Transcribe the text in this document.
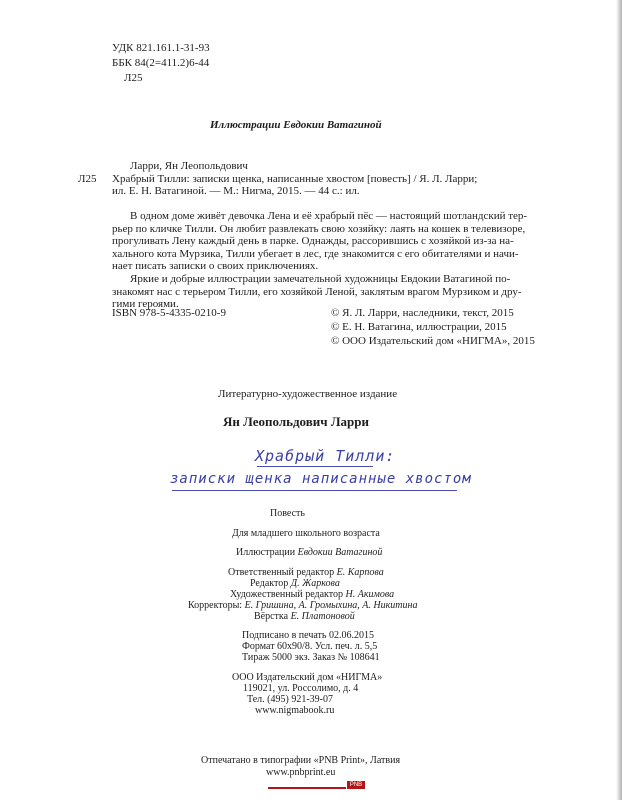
УДК 821.161.1-31-93
ББК 84(2=411.2)6-44
Л25
Иллюстрации Евдокии Ватагиной
Л25

Ларри, Ян Леопольдович

Храбрый Тилли: записки щенка, написанные хвостом [повесть] / Я. Л. Ларри;

ил. Е. Н. Ватагиной. — М.: Нигма, 2015. — 44 с.: ил.

В одном доме живёт девочка Лена и её храбрый пёс — настоящий шотландский тер-
рьер по кличке Тилли. Он любит развлекать свою хозяйку: лаять на кошек в телевизоре,
прогуливать Лену каждый день в парке. Однажды, рассорившись с хозяйкой из-за на-
хального кота Мурзика, Тилли убегает в лес, где знакомится с его обитателями и начи-
нает писать записки о своих приключениях.

Яркие и добрые иллюстрации замечательной художницы Евдокии Ватагиной по-
знакомят нас с терьером Тилли, его хозяйкой Леной, заклятым врагом Мурзиком и дру-
гими героями.

ISBN 978-5-4335-0210-9	© Я. Л. Ларри, наследники, текст, 2015
© Е. Н. Ватагина, иллюстрации, 2015
© ООО Издательский дом «НИГМА», 2015
Литературно-художественное издание
Ян Леопольдович Ларри
Храбрый Тилли:
записки щенка написанные хвостом
Повесть
Для младшего школьного возраста
Иллюстрации Евдокии Ватагиной
Ответственный редактор Е. Карпова
Редактор Д. Жаркова
Художественный редактор Н. Акимова
Корректоры: Е. Гришина, А. Громыхина, А. Никитина
Вёрстка Е. Платоновой
Подписано в печать 02.06.2015
Формат 60х90/8. Усл. печ. л. 5,5
Тираж 5000 экз. Заказ № 108641
ООО Издательский дом «НИГМА»
119021, ул. Россолимо, д. 4
Тел. (495) 921-39-07
www.nigmabook.ru
Отпечатано в типографии «PNB Print», Латвия
www.pnbprint.eu
PNB
